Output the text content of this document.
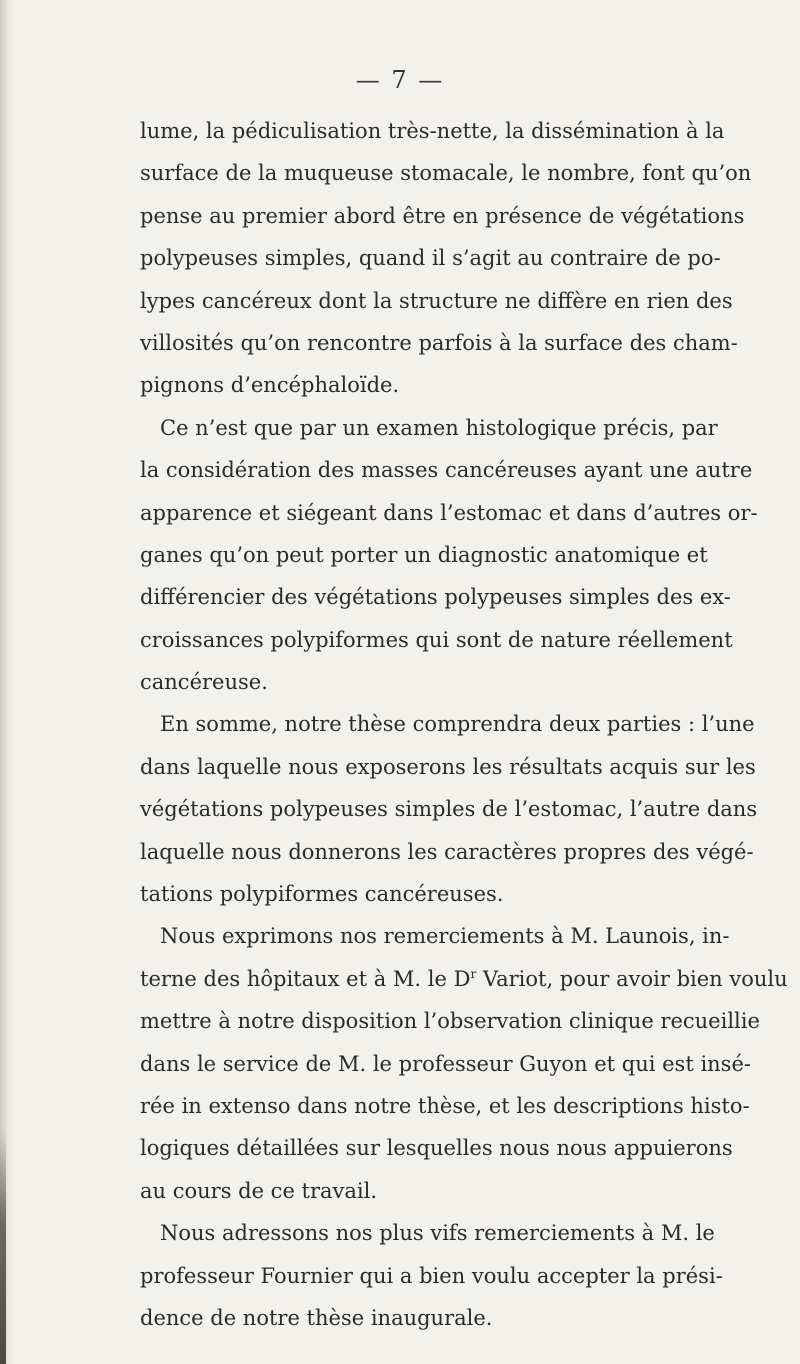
— 7 —
lume, la pédiculisation très-nette, la dissémination à la
surface de la muqueuse stomacale, le nombre, font qu’on
pense au premier abord être en présence de végétations
polypeuses simples, quand il s’agit au contraire de po-
lypes cancéreux dont la structure ne diffère en rien des
villosités qu’on rencontre parfois à la surface des cham-
pignons d’encéphaloïde.
Ce n’est que par un examen histologique précis, par
la considération des masses cancéreuses ayant une autre
apparence et siégeant dans l’estomac et dans d’autres or-
ganes qu’on peut porter un diagnostic anatomique et
différencier des végétations polypeuses simples des ex-
croissances polypiformes qui sont de nature réellement
cancéreuse.
En somme, notre thèse comprendra deux parties : l’une
dans laquelle nous exposerons les résultats acquis sur les
végétations polypeuses simples de l’estomac, l’autre dans
laquelle nous donnerons les caractères propres des végé-
tations polypiformes cancéreuses.
Nous exprimons nos remerciements à M. Launois, in-
terne des hôpitaux et à M. le $D^r$ Variot, pour avoir bien voulu
mettre à notre disposition l’observation clinique recueillie
dans le service de M. le professeur Guyon et qui est insé-
rée in extenso dans notre thèse, et les descriptions histo-
logiques détaillées sur lesquelles nous nous appuierons
au cours de ce travail.
Nous adressons nos plus vifs remerciements à M. le
professeur Fournier qui a bien voulu accepter la prési-
dence de notre thèse inaugurale.
